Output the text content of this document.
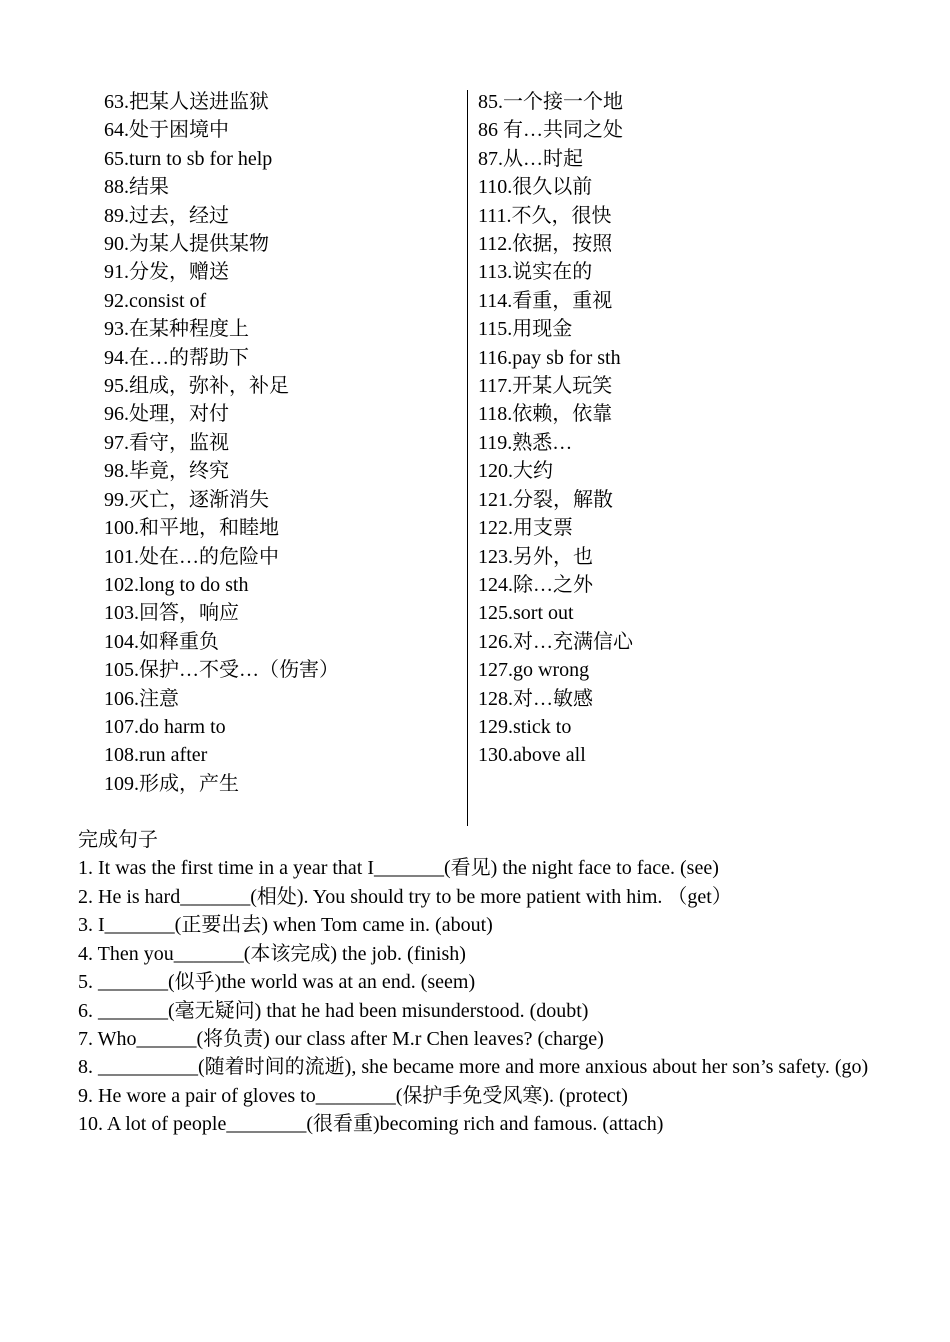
63.把某人送进监狱
64.处于困境中
65.turn to sb for help
88.结果
89.过去，经过
90.为某人提供某物
91.分发，赠送
92.consist of
93.在某种程度上
94.在…的帮助下
95.组成，弥补，补足
96.处理，对付
97.看守，监视
98.毕竟，终究
99.灭亡，逐渐消失
100.和平地，和睦地
101.处在…的危险中
102.long to do sth
103.回答，响应
104.如释重负
105.保护…不受…（伤害）
106.注意
107.do harm to
108.run after
109.形成，产生
85.一个接一个地
86 有…共同之处
87.从…时起
110.很久以前
111.不久，很快
112.依据，按照
113.说实在的
114.看重，重视
115.用现金
116.pay sb for sth
117.开某人玩笑
118.依赖，依靠
119.熟悉…
120.大约
121.分裂，解散
122.用支票
123.另外，也
124.除…之外
125.sort out
126.对…充满信心
127.go wrong
128.对…敏感
129.stick to
130.above all
完成句子
1. It was the first time in a year that I_______(看见) the night face to face. (see)
2. He is hard_______(相处). You should try to be more patient with him. （get）
3. I_______(正要出去) when Tom came in. (about)
4. Then you_______(本该完成) the job. (finish)
5. _______(似乎)the world was at an end. (seem)
6. _______(毫无疑问) that he had been misunderstood. (doubt)
7. Who______(将负责) our class after M.r Chen leaves? (charge)
8. __________(随着时间的流逝), she became more and more anxious about her son’s safety. (go)
9. He wore a pair of gloves to________(保护手免受风寒). (protect)
10. A lot of people________(很看重)becoming rich and famous. (attach)
